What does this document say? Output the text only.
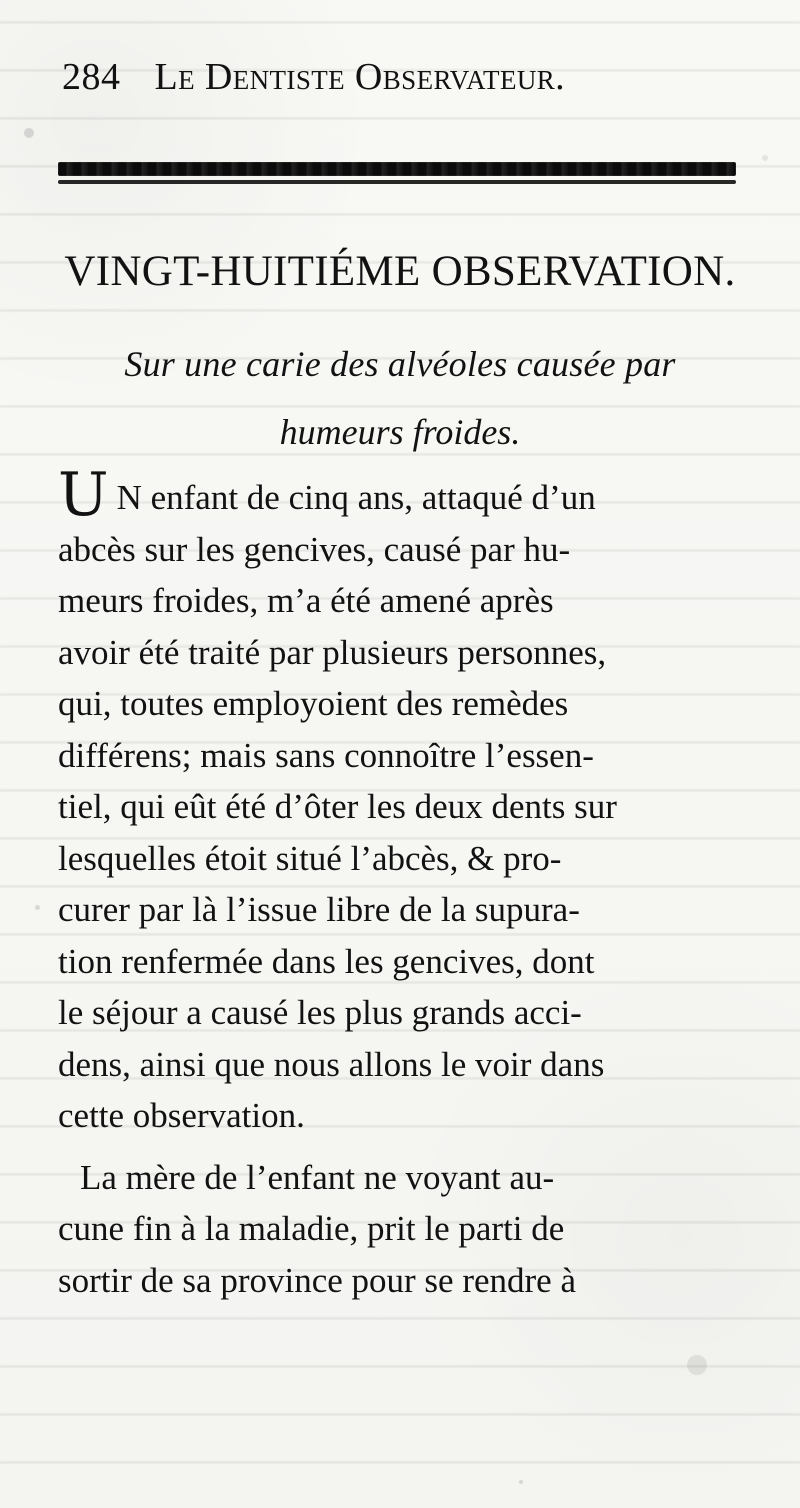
284 Le Dentiste Observateur.
VINGT-HUITIÉME OBSERVATION.
Sur une carie des alvéoles causée par
humeurs froides.
U N enfant de cinq ans, attaqué d’un
abcès sur les gencives, causé par hu-
meurs froides, m’a été amené après
avoir été traité par plusieurs personnes,
qui, toutes employoient des remèdes
différens; mais sans connoître l’essen-
tiel, qui eût été d’ôter les deux dents sur
lesquelles étoit situé l’abcès, & pro-
curer par là l’issue libre de la supura-
tion renfermée dans les gencives, dont
le séjour a causé les plus grands acci-
dens, ainsi que nous allons le voir dans
cette observation.
La mère de l’enfant ne voyant au-
cune fin à la maladie, prit le parti de
sortir de sa province pour se rendre à
